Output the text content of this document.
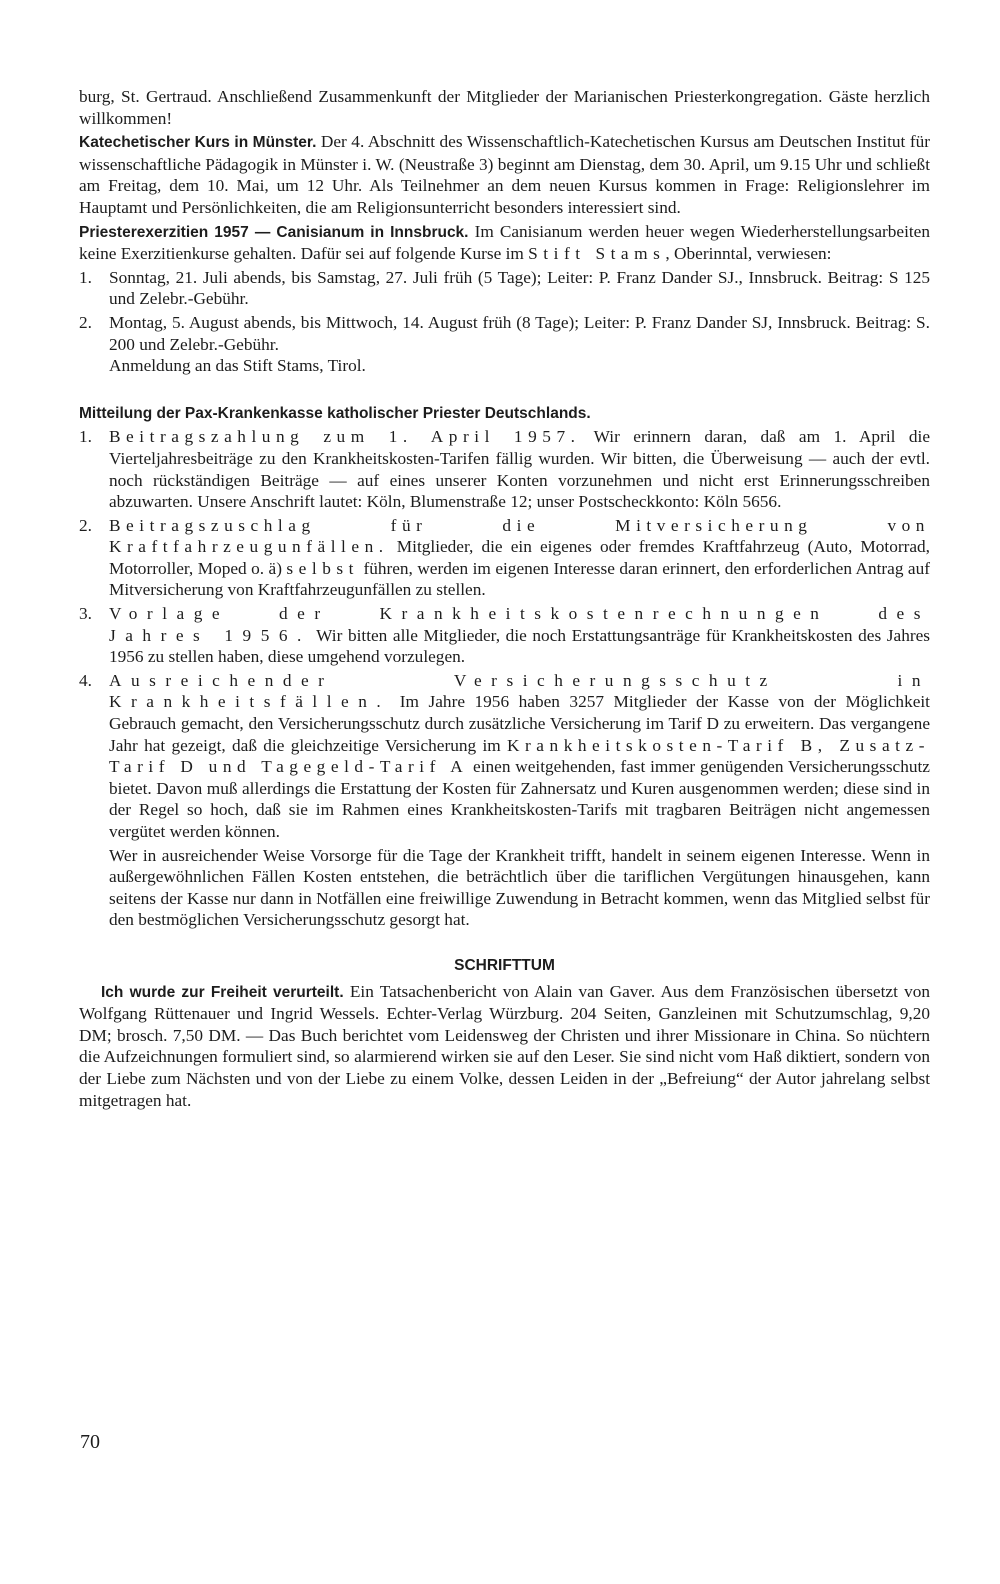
burg, St. Gertraud. Anschließend Zusammenkunft der Mitglieder der Marianischen Priesterkongregation. Gäste herzlich willkommen!

Katechetischer Kurs in Münster. Der 4. Abschnitt des Wissenschaftlich-Katechetischen Kursus am Deutschen Institut für wissenschaftliche Pädagogik in Münster i. W. (Neustraße 3) beginnt am Dienstag, dem 30. April, um 9.15 Uhr und schließt am Freitag, dem 10. Mai, um 12 Uhr. Als Teilnehmer an dem neuen Kursus kommen in Frage: Religionslehrer im Hauptamt und Persönlichkeiten, die am Religionsunterricht besonders interessiert sind.

Priesterexerzitien 1957 — Canisianum in Innsbruck. Im Canisianum werden heuer wegen Wiederherstellungsarbeiten keine Exerzitienkurse gehalten. Dafür sei auf folgende Kurse im Stift Stams, Oberinntal, verwiesen:

1. Sonntag, 21. Juli abends, bis Samstag, 27. Juli früh (5 Tage); Leiter: P. Franz Dander SJ., Innsbruck. Beitrag: S 125 und Zelebr.-Gebühr.
2. Montag, 5. August abends, bis Mittwoch, 14. August früh (8 Tage); Leiter: P. Franz Dander SJ, Innsbruck. Beitrag: S. 200 und Zelebr.-Gebühr.

Anmeldung an das Stift Stams, Tirol.

Mitteilung der Pax-Krankenkasse katholischer Priester Deutschlands.
1. Beitragszahlung zum 1. April 1957. Wir erinnern daran, daß am 1. April die Vierteljahresbeiträge zu den Krankheitskosten-Tarifen fällig wurden. Wir bitten, die Überweisung — auch der evtl. noch rückständigen Beiträge — auf eines unserer Konten vorzunehmen und nicht erst Erinnerungsschreiben abzuwarten. Unsere Anschrift lautet: Köln, Blumenstraße 12; unser Postscheckkonto: Köln 5656.
2. Beitragszuschlag für die Mitversicherung von Kraftfahrzeugunfällen. Mitglieder, die ein eigenes oder fremdes Kraftfahrzeug (Auto, Motorrad, Motorroller, Moped o. ä) selbst führen, werden im eigenen Interesse daran erinnert, den erforderlichen Antrag auf Mitversicherung von Kraftfahrzeugunfällen zu stellen.
3. Vorlage der Krankheitskostenrechnungen des Jahres 1956. Wir bitten alle Mitglieder, die noch Erstattungsanträge für Krankheitskosten des Jahres 1956 zu stellen haben, diese umgehend vorzulegen.
4. Ausreichender Versicherungsschutz in Krankheitsfällen. Im Jahre 1956 haben 3257 Mitglieder der Kasse von der Möglichkeit Gebrauch gemacht, den Versicherungsschutz durch zusätzliche Versicherung im Tarif D zu erweitern. Das vergangene Jahr hat gezeigt, daß die gleichzeitige Versicherung im Krankheitskosten-Tarif B, Zusatz-Tarif D und Tagegeld-Tarif A einen weitgehenden, fast immer genügenden Versicherungsschutz bietet. Davon muß allerdings die Erstattung der Kosten für Zahnersatz und Kuren ausgenommen werden; diese sind in der Regel so hoch, daß sie im Rahmen eines Krankheitskosten-Tarifs mit tragbaren Beiträgen nicht angemessen vergütet werden können.

Wer in ausreichender Weise Vorsorge für die Tage der Krankheit trifft, handelt in seinem eigenen Interesse. Wenn in außergewöhnlichen Fällen Kosten entstehen, die beträchtlich über die tariflichen Vergütungen hinausgehen, kann seitens der Kasse nur dann in Notfällen eine freiwillige Zuwendung in Betracht kommen, wenn das Mitglied selbst für den bestmöglichen Versicherungsschutz gesorgt hat.

SCHRIFTTUM

Ich wurde zur Freiheit verurteilt. Ein Tatsachenbericht von Alain van Gaver. Aus dem Französischen übersetzt von Wolfgang Rüttenauer und Ingrid Wessels. Echter-Verlag Würzburg. 204 Seiten, Ganzleinen mit Schutzumschlag, 9,20 DM; brosch. 7,50 DM. — Das Buch berichtet vom Leidensweg der Christen und ihrer Missionare in China. So nüchtern die Aufzeichnungen formuliert sind, so alarmierend wirken sie auf den Leser. Sie sind nicht vom Haß diktiert, sondern von der Liebe zum Nächsten und von der Liebe zu einem Volke, dessen Leiden in der „Befreiung“ der Autor jahrelang selbst mitgetragen hat.

70
